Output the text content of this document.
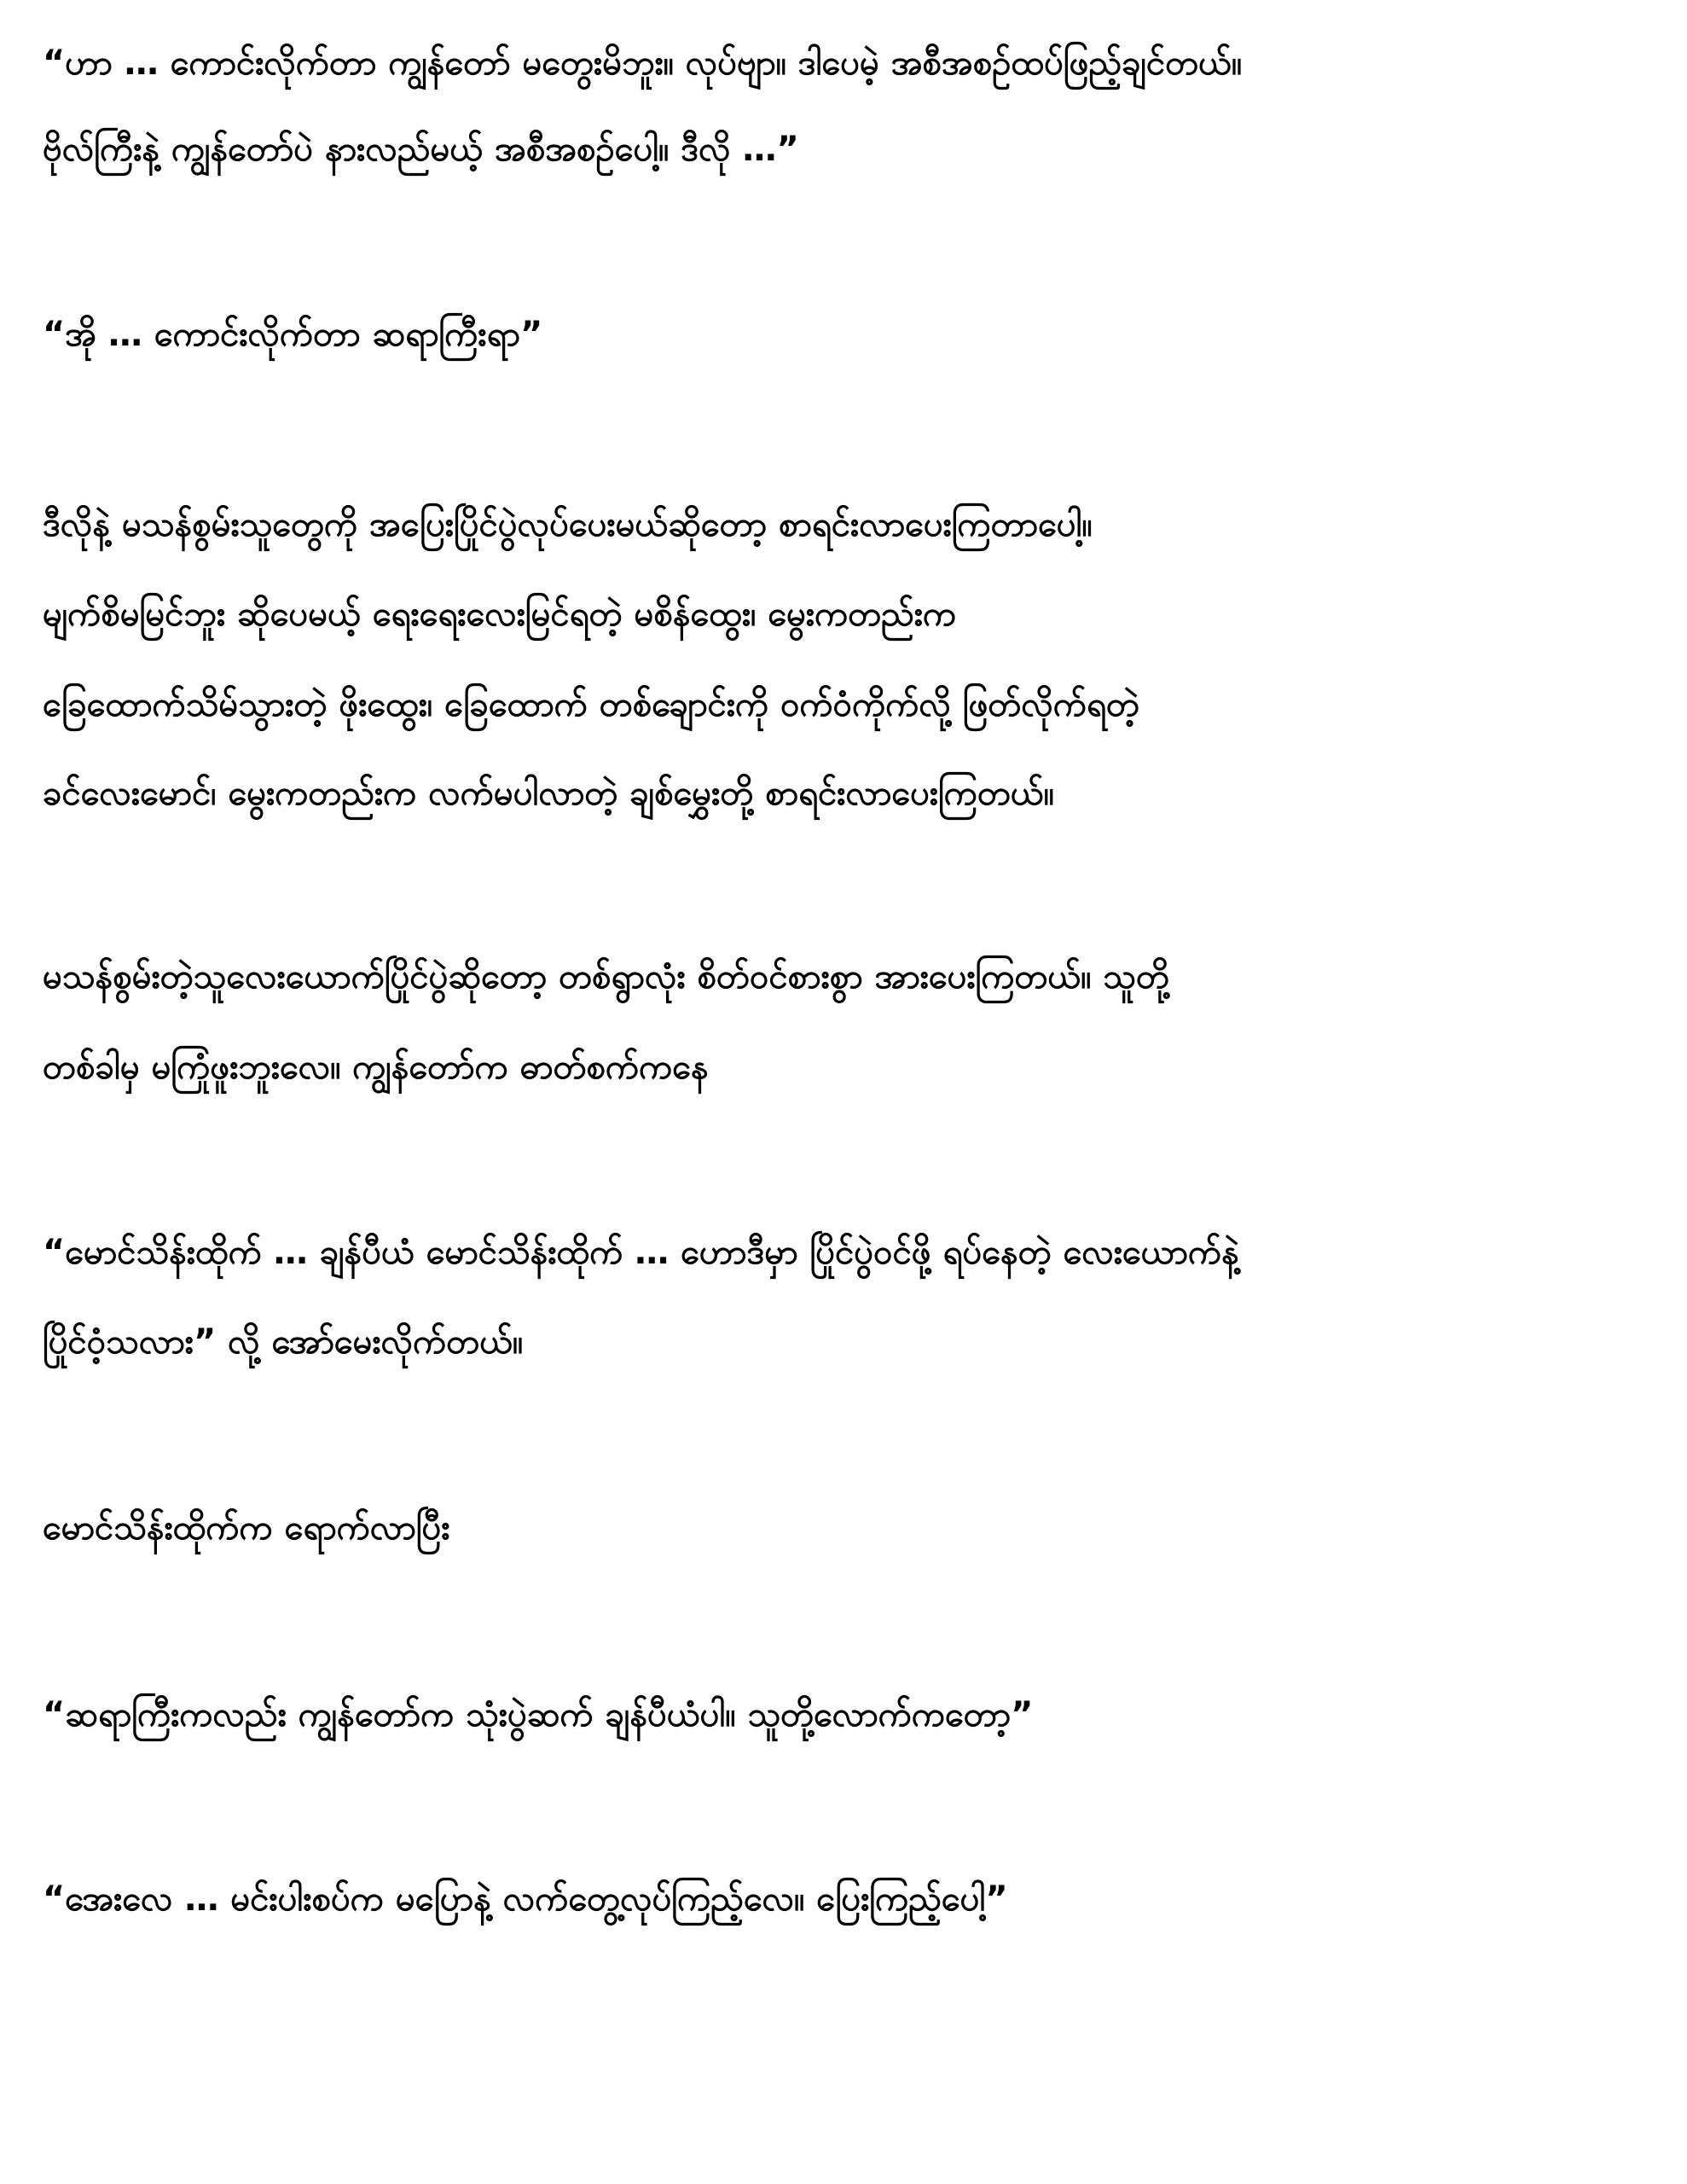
“ဟာ … ကောင်းလိုက်တာ ကျွန်တော် မတွေးမိဘူး။ လုပ်ဗျာ။ ဒါပေမဲ့ အစီအစဉ်ထပ်ဖြည့်ချင်တယ်။
ဗိုလ်ကြီးနဲ့ ကျွန်တော်ပဲ နားလည်မယ့် အစီအစဉ်ပေါ့။ ဒီလို …”
“အို … ကောင်းလိုက်တာ ဆရာကြီးရာ”
ဒီလိုနဲ့ မသန်စွမ်းသူတွေကို အပြေးပြိုင်ပွဲလုပ်ပေးမယ်ဆိုတော့ စာရင်းလာပေးကြတာပေါ့။
မျက်စိမမြင်ဘူး ဆိုပေမယ့် ရေးရေးလေးမြင်ရတဲ့ မစိန်ထွေး၊ မွေးကတည်းက
ခြေထောက်သိမ်သွားတဲ့ ဖိုးထွေး၊ ခြေထောက် တစ်ချောင်းကို ဝက်ဝံကိုက်လို့ ဖြတ်လိုက်ရတဲ့
ခင်လေးမောင်၊ မွေးကတည်းက လက်မပါလာတဲ့ ချစ်မွှေးတို့ စာရင်းလာပေးကြတယ်။
မသန်စွမ်းတဲ့သူလေးယောက်ပြိုင်ပွဲဆိုတော့ တစ်ရွာလုံး စိတ်ဝင်စားစွာ အားပေးကြတယ်။ သူတို့
တစ်ခါမှ မကြုံဖူးဘူးလေ။ ကျွန်တော်က ဓာတ်စက်ကနေ
“မောင်သိန်းထိုက် … ချန်ပီယံ မောင်သိန်းထိုက် … ဟောဒီမှာ ပြိုင်ပွဲဝင်ဖို့ ရပ်နေတဲ့ လေးယောက်နဲ့
ပြိုင်ဝံ့သလား” လို့ အော်မေးလိုက်တယ်။
မောင်သိန်းထိုက်က ရောက်လာပြီး
“ဆရာကြီးကလည်း ကျွန်တော်က သုံးပွဲဆက် ချန်ပီယံပါ။ သူတို့လောက်ကတော့”
“အေးလေ … မင်းပါးစပ်က မပြောနဲ့ လက်တွေ့လုပ်ကြည့်လေ။ ပြေးကြည့်ပေါ့”
